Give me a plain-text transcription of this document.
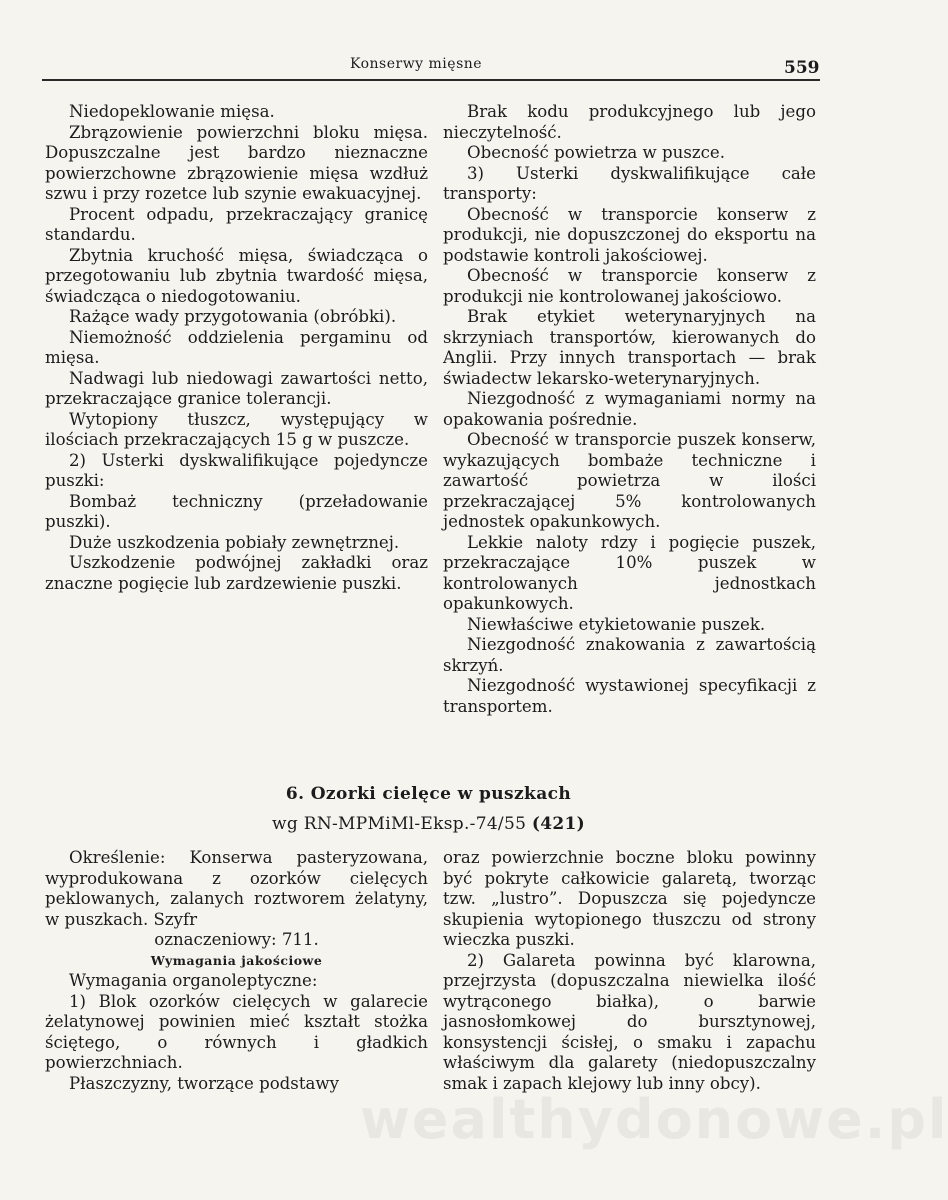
Konserwy mięsne	559

Niedopeklowanie mięsa.

Zbrązowienie powierzchni bloku mięsa. Dopuszczalne jest bardzo nieznaczne powierzchowne zbrązowienie mięsa wzdłuż szwu i przy rozetce lub szynie ewakuacyjnej.

Procent odpadu, przekraczający granicę standardu.

Zbytnia kruchość mięsa, świadcząca o przegotowaniu lub zbytnia twardość mięsa, świadcząca o niedogotowaniu.

Rażące wady przygotowania (obróbki).

Niemożność oddzielenia pergaminu od mięsa.

Nadwagi lub niedowagi zawartości netto, przekraczające granice tolerancji.

Wytopiony tłuszcz, występujący w ilościach przekraczających 15 g w puszcze.

2) Usterki dyskwalifikujące pojedyncze puszki:

Bombaż techniczny (przeładowanie puszki).

Duże uszkodzenia pobiały zewnętrznej.

Uszkodzenie podwójnej zakładki oraz znaczne pogięcie lub zardzewienie puszki.

Brak kodu produkcyjnego lub jego nieczytelność.

Obecność powietrza w puszce.

3) Usterki dyskwalifikujące całe transporty:

Obecność w transporcie konserw z produkcji, nie dopuszczonej do eksportu na podstawie kontroli jakościowej.

Obecność w transporcie konserw z produkcji nie kontrolowanej jakościowo.

Brak etykiet weterynaryjnych na skrzyniach transportów, kierowanych do Anglii. Przy innych transportach — brak świadectw lekarsko-weterynaryjnych.

Niezgodność z wymaganiami normy na opakowania pośrednie.

Obecność w transporcie puszek konserw, wykazujących bombaże techniczne i zawartość powietrza w ilości przekraczającej 5% kontrolowanych jednostek opakunkowych.

Lekkie naloty rdzy i pogięcie puszek, przekraczające 10% puszek w kontrolowanych jednostkach opakunkowych.

Niewłaściwe etykietowanie puszek.

Niezgodność znakowania z zawartością skrzyń.

Niezgodność wystawionej specyfikacji z transportem.

6. Ozorki cielęce w puszkach
wg RN-MPMiMl-Eksp.-74/55 (421)

Określenie: Konserwa pasteryzowana, wyprodukowana z ozorków cielęcych peklowanych, zalanych roztworem żelatyny, w puszkach. Szyfr

oznaczeniowy: 711.

Wymagania jakościowe

Wymagania organoleptyczne:

1) Blok ozorków cielęcych w galarecie żelatynowej powinien mieć kształt stożka ściętego, o równych i gładkich powierzchniach.

Płaszczyzny, tworzące podstawy

oraz powierzchnie boczne bloku powinny być pokryte całkowicie galaretą, tworząc tzw. „lustro”. Dopuszcza się pojedyncze skupienia wytopionego tłuszczu od strony wieczka puszki.

2) Galareta powinna być klarowna, przejrzysta (dopuszczalna niewielka ilość wytrąconego białka), o barwie jasnosłomkowej do bursztynowej, konsystencji ścisłej, o smaku i zapachu właściwym dla galarety (niedopuszczalny smak i zapach klejowy lub inny obcy).

wealthydonowe.pl
